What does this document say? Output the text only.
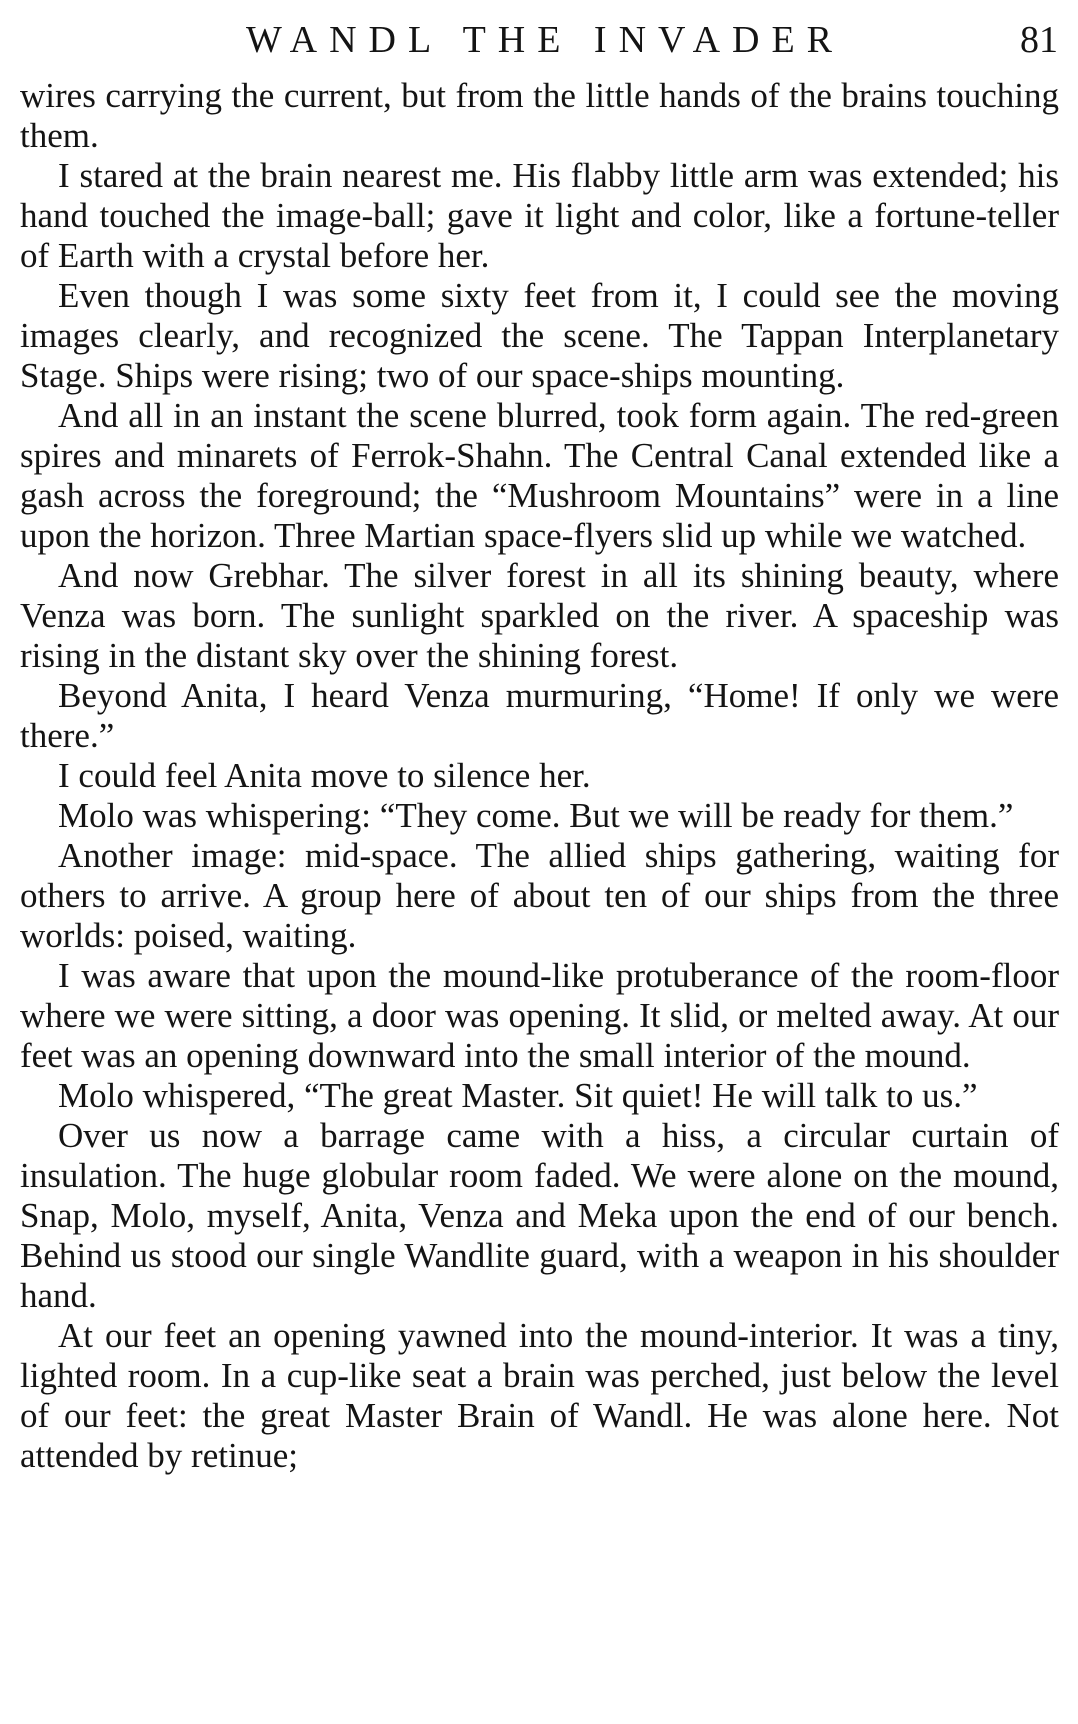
WANDL THE INVADER	81

wires carrying the current, but from the little hands of the brains touching them.

I stared at the brain nearest me. His flabby little arm was extended; his hand touched the image-ball; gave it light and color, like a fortune-teller of Earth with a crystal before her.

Even though I was some sixty feet from it, I could see the moving images clearly, and recognized the scene. The Tappan Interplanetary Stage. Ships were rising; two of our space-ships mounting.

And all in an instant the scene blurred, took form again. The red-green spires and minarets of Ferrok-Shahn. The Central Canal extended like a gash across the foreground; the “Mushroom Mountains” were in a line upon the horizon. Three Martian space-flyers slid up while we watched.

And now Grebhar. The silver forest in all its shining beauty, where Venza was born. The sunlight sparkled on the river. A spaceship was rising in the distant sky over the shining forest.

Beyond Anita, I heard Venza murmuring, “Home! If only we were there.”

I could feel Anita move to silence her.

Molo was whispering: “They come. But we will be ready for them.”

Another image: mid-space. The allied ships gathering, waiting for others to arrive. A group here of about ten of our ships from the three worlds: poised, waiting.

I was aware that upon the mound-like protuberance of the room-floor where we were sitting, a door was opening. It slid, or melted away. At our feet was an opening downward into the small interior of the mound.

Molo whispered, “The great Master. Sit quiet! He will talk to us.”

Over us now a barrage came with a hiss, a circular curtain of insulation. The huge globular room faded. We were alone on the mound, Snap, Molo, myself, Anita, Venza and Meka upon the end of our bench. Behind us stood our single Wandlite guard, with a weapon in his shoulder hand.

At our feet an opening yawned into the mound-interior. It was a tiny, lighted room. In a cup-like seat a brain was perched, just below the level of our feet: the great Master Brain of Wandl. He was alone here. Not attended by retinue;
